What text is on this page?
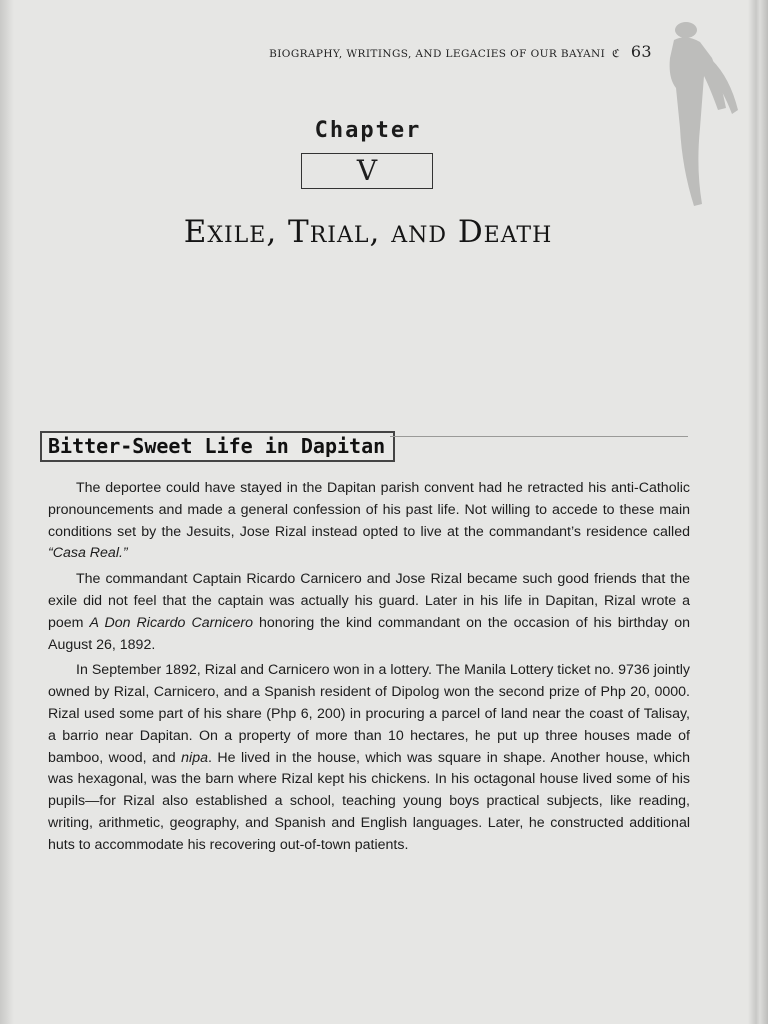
BIOGRAPHY, WRITINGS, AND LEGACIES OF OUR BAYANI ℭ 63
Chapter
V
Exile, Trial, and Death
Bitter-Sweet Life in Dapitan

The deportee could have stayed in the Dapitan parish convent had he retracted his anti-Catholic pronouncements and made a general confession of his past life. Not willing to accede to these main conditions set by the Jesuits, Jose Rizal instead opted to live at the commandant’s residence called “Casa Real.”

The commandant Captain Ricardo Carnicero and Jose Rizal became such good friends that the exile did not feel that the captain was actually his guard. Later in his life in Dapitan, Rizal wrote a poem A Don Ricardo Carnicero honoring the kind commandant on the occasion of his birthday on August 26, 1892.

In September 1892, Rizal and Carnicero won in a lottery. The Manila Lottery ticket no. 9736 jointly owned by Rizal, Carnicero, and a Spanish resident of Dipolog won the second prize of Php 20, 0000. Rizal used some part of his share (Php 6, 200) in procuring a parcel of land near the coast of Talisay, a barrio near Dapitan. On a property of more than 10 hectares, he put up three houses made of bamboo, wood, and nipa. He lived in the house, which was square in shape. Another house, which was hexagonal, was the barn where Rizal kept his chickens. In his octagonal house lived some of his pupils—for Rizal also established a school, teaching young boys practical subjects, like reading, writing, arithmetic, geography, and Spanish and English languages. Later, he constructed additional huts to accommodate his recovering out-of-town patients.
